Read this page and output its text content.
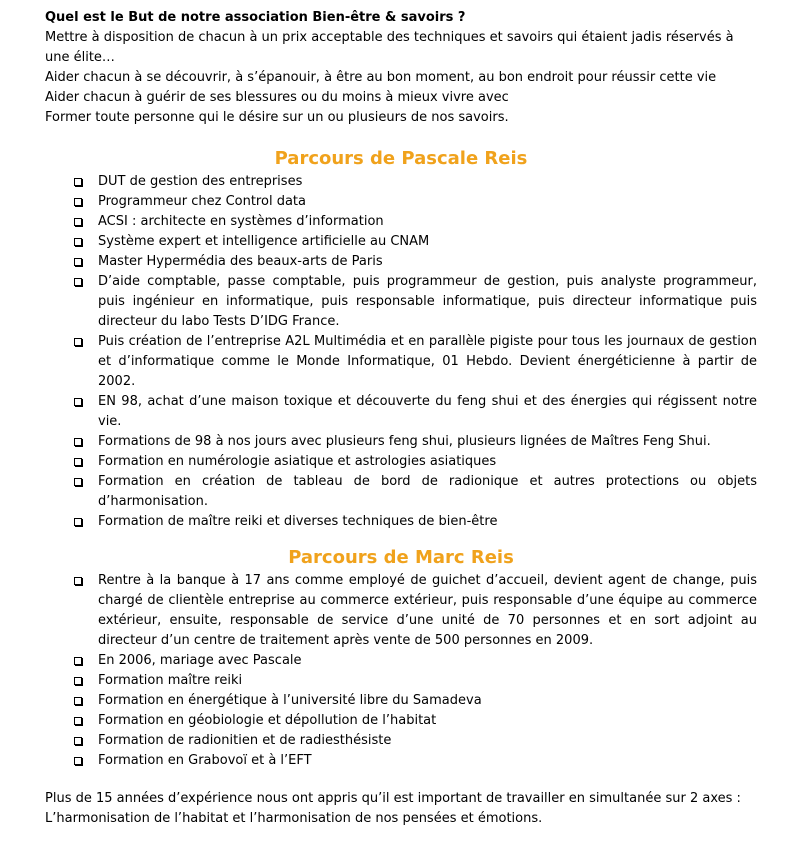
Quel est le But de notre association Bien-être & savoirs ?

Mettre à disposition de chacun à un prix acceptable des techniques et savoirs qui étaient jadis réservés à une élite…

Aider chacun à se découvrir, à s’épanouir, à être au bon moment, au bon endroit pour réussir cette vie

Aider chacun à guérir de ses blessures ou du moins à mieux vivre avec

Former toute personne qui le désire sur un ou plusieurs de nos savoirs.

Parcours de Pascale Reis
DUT de gestion des entreprises
Programmeur chez Control data
ACSI : architecte en systèmes d’information
Système expert et intelligence artificielle au CNAM
Master Hypermédia des beaux-arts de Paris
D’aide comptable, passe comptable, puis programmeur de gestion, puis analyste programmeur, puis ingénieur en informatique, puis responsable informatique, puis directeur informatique puis directeur du labo Tests D’IDG France.
Puis création de l’entreprise A2L Multimédia et en parallèle pigiste pour tous les journaux de gestion et d’informatique comme le Monde Informatique, 01 Hebdo. Devient énergéticienne à partir de 2002.
EN 98, achat d’une maison toxique et découverte du feng shui et des énergies qui régissent notre vie.
Formations de 98 à nos jours avec plusieurs feng shui, plusieurs lignées de Maîtres Feng Shui.
Formation en numérologie asiatique et astrologies asiatiques
Formation en création de tableau de bord de radionique et autres protections ou objets d’harmonisation.
Formation de maître reiki et diverses techniques de bien-être
Parcours de Marc Reis
Rentre à la banque à 17 ans comme employé de guichet d’accueil, devient agent de change, puis chargé de clientèle entreprise au commerce extérieur, puis responsable d’une équipe au commerce extérieur, ensuite, responsable de service d’une unité de 70 personnes et en sort adjoint au directeur d’un centre de traitement après vente de 500 personnes en 2009.
En 2006, mariage avec Pascale
Formation maître reiki
Formation en énergétique à l’université libre du Samadeva
Formation en géobiologie et dépollution de l’habitat
Formation de radionitien et de radiesthésiste
Formation en Grabovoï et à l’EFT

Plus de 15 années d’expérience nous ont appris qu’il est important de travailler en simultanée sur 2 axes :

L’harmonisation de l’habitat et l’harmonisation de nos pensées et émotions.
